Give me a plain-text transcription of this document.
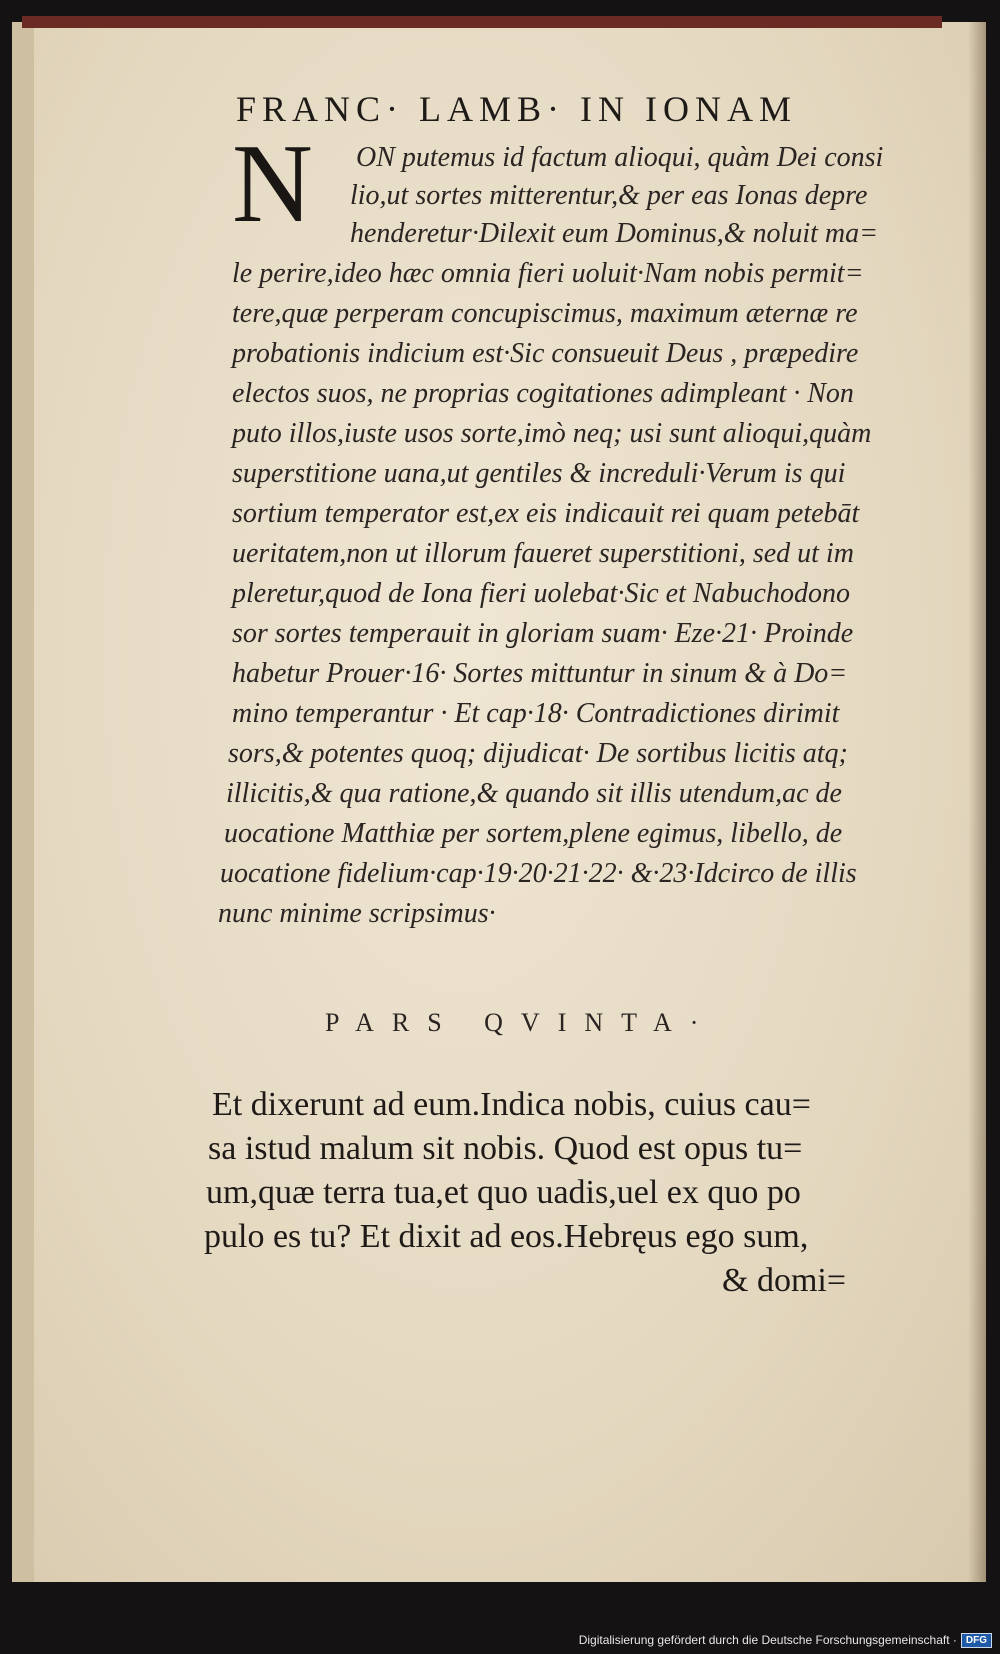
FRANC· LAMB· IN IONAM
N ON putemus id factum alioqui, quàm Dei consi

lio,ut sortes mitterentur,& per eas Ionas depre

henderetur·Dilexit eum Dominus,& noluit ma=

le perire,ideo hæc omnia fieri uoluit·Nam nobis permit=

tere,quæ perperam concupiscimus, maximum æternæ re

probationis indicium est·Sic consueuit Deus , præpedire

electos suos, ne proprias cogitationes adimpleant · Non

puto illos,iuste usos sorte,imò neq; usi sunt alioqui,quàm

superstitione uana,ut gentiles & increduli·Verum is qui

sortium temperator est,ex eis indicauit rei quam petebāt

ueritatem,non ut illorum faueret superstitioni, sed ut im

pleretur,quod de Iona fieri uolebat·Sic et Nabuchodono

sor sortes temperauit in gloriam suam· Eze·21· Proinde

habetur Prouer·16· Sortes mittuntur in sinum & à Do=

mino temperantur · Et cap·18· Contradictiones dirimit

sors,& potentes quoq; dijudicat· De sortibus licitis atq;

illicitis,& qua ratione,& quando sit illis utendum,ac de

uocatione Matthiæ per sortem,plene egimus, libello, de

uocatione fidelium·cap·19·20·21·22· &·23·Idcirco de illis

nunc minime scripsimus·

PARS QVINTA·

Et dixerunt ad eum.Indica nobis, cuius cau=

sa istud malum sit nobis. Quod est opus tu=

um,quæ terra tua,et quo uadis,uel ex quo po

pulo es tu? Et dixit ad eos.Hebręus ego sum,

& domi=

Digitalisierung gefördert durch die Deutsche Forschungsgemeinschaft · DFG
